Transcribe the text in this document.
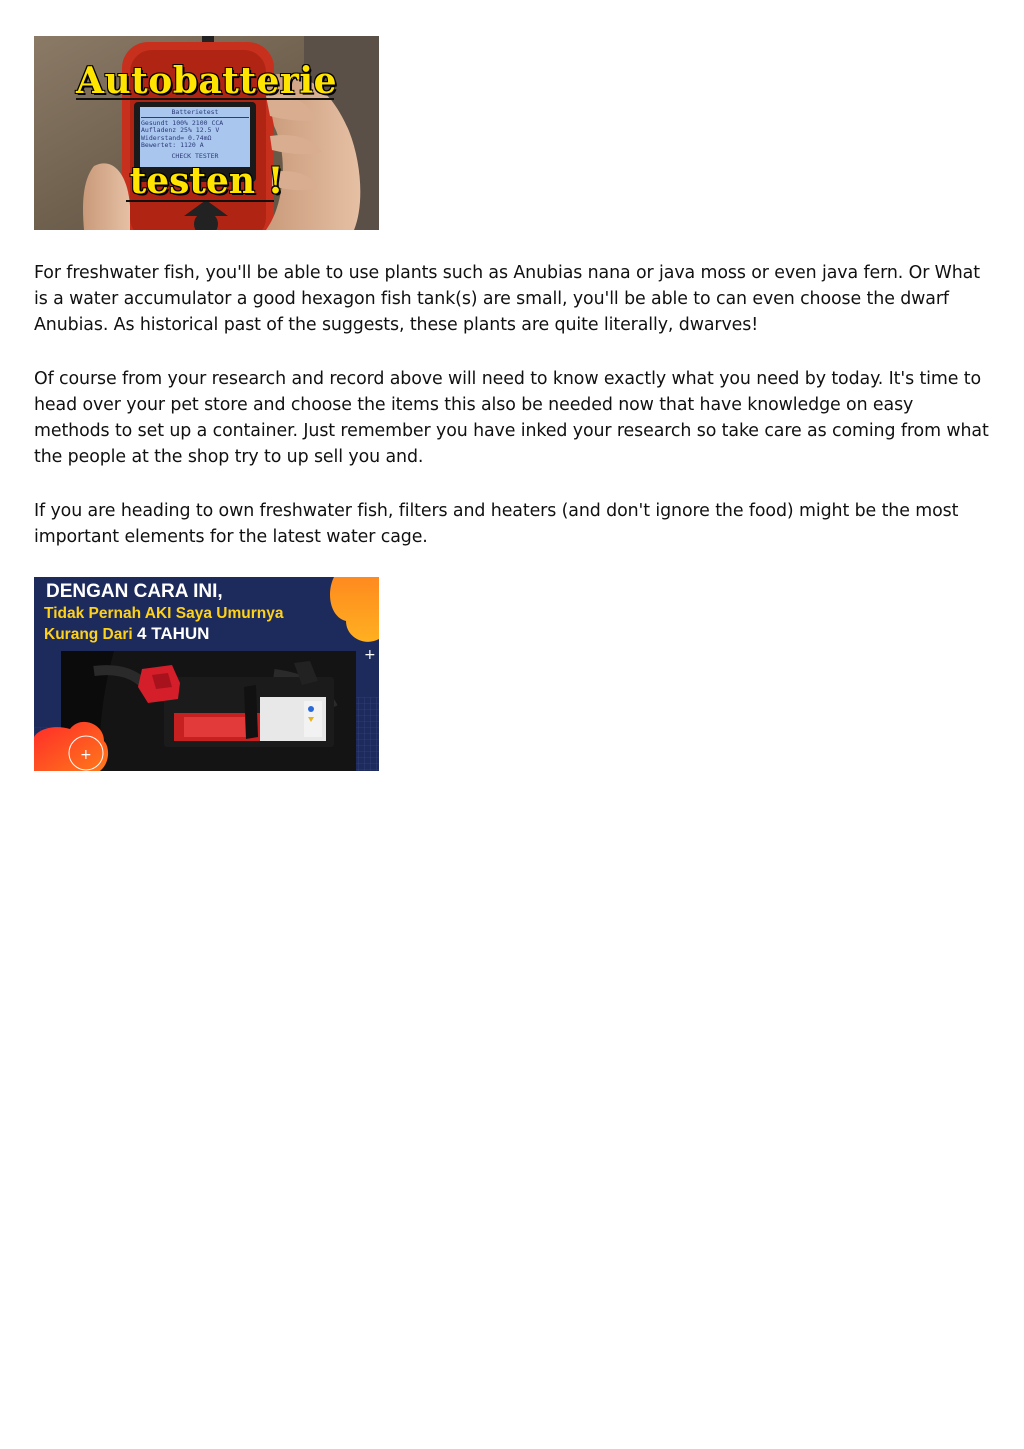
Autobatterie
Batterietest
Gesundt 100% 2100 CCA
Aufladenz 25% 12.5 V
Widerstand= 0.74mΩ
Bewertet: 1120 A
CHECK TESTER
testen !

For freshwater fish, you'll be able to use plants such as Anubias nana or java moss or even java fern. Or What is a water accumulator a good hexagon fish tank(s) are small, you'll be able to can even choose the dwarf Anubias. As historical past of the suggests, these plants are quite literally, dwarves!

Of course from your research and record above will need to know exactly what you need by today. It's time to head over your pet store and choose the items this also be needed now that have knowledge on easy methods to set up a container. Just remember you have inked your research so take care as coming from what the people at the shop try to up sell you and.

If you are heading to own freshwater fish, filters and heaters (and don't ignore the food) might be the most important elements for the latest water cage.

+
+
DENGAN CARA INI,
Tidak Pernah AKI Saya Umurnya
Kurang Dari 4 TAHUN
